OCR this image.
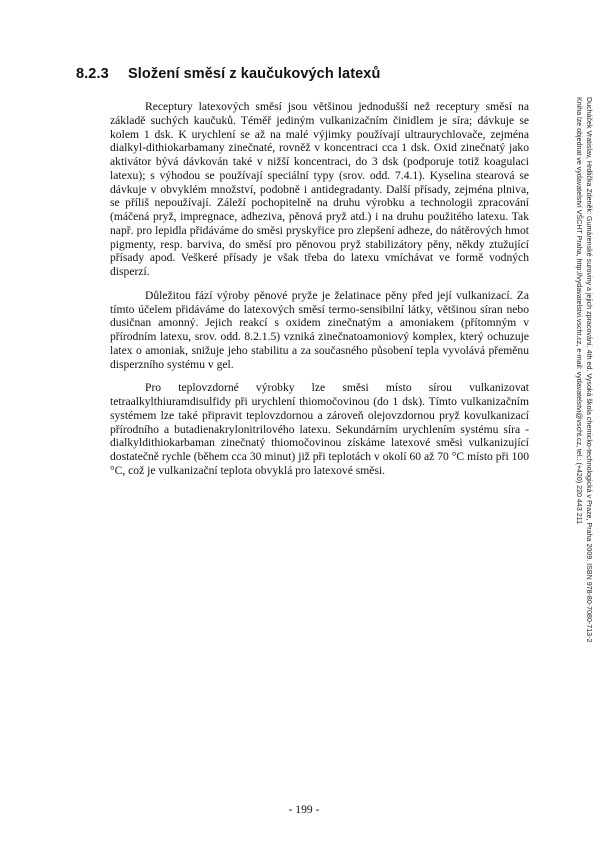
8.2.3 Složení směsí z kaučukových latexů

Receptury latexových směsí jsou většinou jednodušší než receptury směsí na základě suchých kaučuků. Téměř jediným vulkanizačním činidlem je síra; dávkuje se kolem 1 dsk. K urychlení se až na malé výjimky používají ultraurychlovače, zejména dialkyl-dithiokarbamany zinečnaté, rovněž v koncentraci cca 1 dsk. Oxid zinečnatý jako aktivátor bývá dávkován také v nižší koncentraci, do 3 dsk (podporuje totiž koagulaci latexu); s výhodou se používají speciální typy (srov. odd. 7.4.1). Kyselina stearová se dávkuje v obvyklém množství, podobně i antidegradanty. Další přísady, zejména plniva, se příliš nepoužívají. Záleží pochopitelně na druhu výrobku a technologii zpracování (máčená pryž, impregnace, adheziva, pěnová pryž atd.) i na druhu použitého latexu. Tak např. pro lepidla přidáváme do směsi pryskyřice pro zlepšení adheze, do nátěrových hmot pigmenty, resp. barviva, do směsí pro pěnovou pryž stabilizátory pěny, někdy ztužující přísady apod. Veškeré přísady je však třeba do latexu vmíchávat ve formě vodných disperzí.

Důležitou fází výroby pěnové pryže je želatinace pěny před její vulkanizací. Za tímto účelem přidáváme do latexových směsí termo-sensibilní látky, většinou síran nebo dusičnan amonný. Jejich reakcí s oxidem zinečnatým a amoniakem (přítomným v přírodním latexu, srov. odd. 8.2.1.5) vzniká zinečnatoamoniový komplex, který ochuzuje latex o amoniak, snižuje jeho stabilitu a za současného působení tepla vyvolává přeměnu disperzního systému v gel.

Pro teplovzdorné výrobky lze směsi místo sírou vulkanizovat tetraalkylthiuramdisulfidy při urychlení thiomočovinou (do 1 dsk). Tímto vulkanizačním systémem lze také připravit teplovzdornou a zároveň olejovzdornou pryž kovulkanizací přírodního a butadienakrylonitrilového latexu. Sekundárním urychlením systému síra - dialkyldithiokarbaman zinečnatý thiomočovinou získáme latexové směsi vulkanizující dostatečně rychle (během cca 30 minut) již při teplotách v okolí 60 až 70 °C místo při 100 °C, což je vulkanizační teplota obvyklá pro latexové směsi.	Ducháček Vratislav, Hrdlička Zdeněk: Gumárenské suroviny a jejich zpracování. 4th ed. Vysoká škola chemicko-technologická v Praze, Praha 2009. ISBN 978-80-7080-713-2
Kniha lze objednat ve vydavatelství VŠCHT Praha, http://vydavatelstvi.vscht.cz, e-mail: vydavatelstvi@vscht.cz, tel.: (+420) 220 443 211
- 199 -
